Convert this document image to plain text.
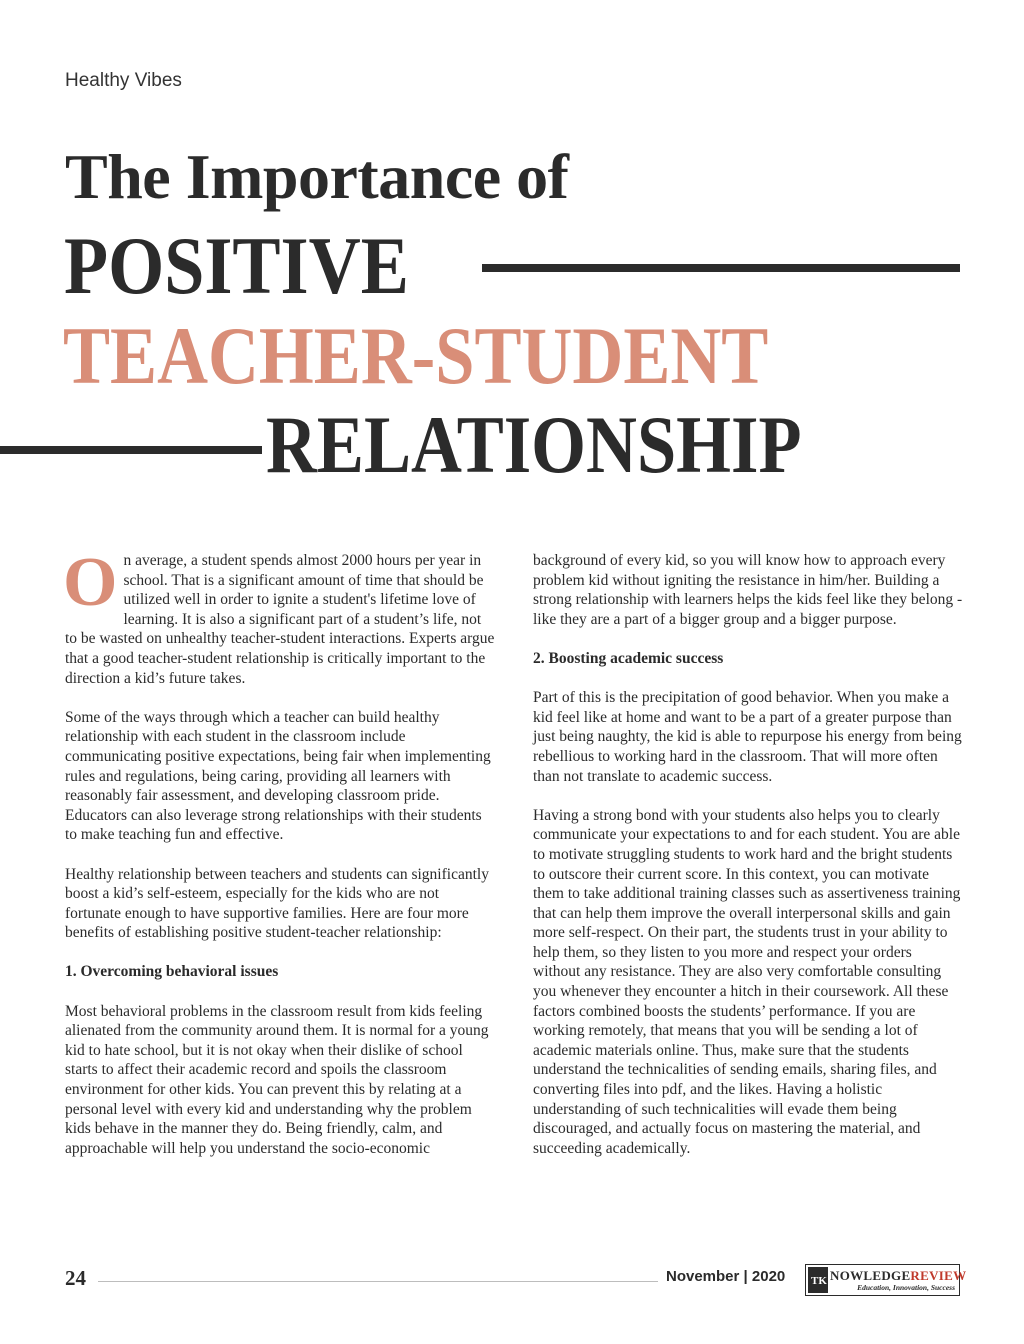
Healthy Vibes
The Importance of
POSITIVE
TEACHER-STUDENT
RELATIONSHIP

On average, a student spends almost 2000 hours per year in school. That is a significant amount of time that should be utilized well in order to ignite a student's lifetime love of learning. It is also a significant part of a student’s life, not to be wasted on unhealthy teacher-student interactions. Experts argue that a good teacher-student relationship is critically important to the direction a kid’s future takes.

Some of the ways through which a teacher can build healthy relationship with each student in the classroom include communicating positive expectations, being fair when implementing rules and regulations, being caring, providing all learners with reasonably fair assessment, and developing classroom pride. Educators can also leverage strong relationships with their students to make teaching fun and effective.

Healthy relationship between teachers and students can significantly boost a kid’s self-esteem, especially for the kids who are not fortunate enough to have supportive families. Here are four more benefits of establishing positive student-teacher relationship:

1. Overcoming behavioral issues

Most behavioral problems in the classroom result from kids feeling alienated from the community around them. It is normal for a young kid to hate school, but it is not okay when their dislike of school starts to affect their academic record and spoils the classroom environment for other kids. You can prevent this by relating at a personal level with every kid and understanding why the problem kids behave in the manner they do. Being friendly, calm, and approachable will help you understand the socio-economic

background of every kid, so you will know how to approach every problem kid without igniting the resistance in him/her. Building a strong relationship with learners helps the kids feel like they belong - like they are a part of a bigger group and a bigger purpose.

2. Boosting academic success

Part of this is the precipitation of good behavior. When you make a kid feel like at home and want to be a part of a greater purpose than just being naughty, the kid is able to repurpose his energy from being rebellious to working hard in the classroom. That will more often than not translate to academic success.

Having a strong bond with your students also helps you to clearly communicate your expectations to and for each student. You are able to motivate struggling students to work hard and the bright students to outscore their current score. In this context, you can motivate them to take additional training classes such as assertiveness training that can help them improve the overall interpersonal skills and gain more self-respect. On their part, the students trust in your ability to help them, so they listen to you more and respect your orders without any resistance. They are also very comfortable consulting you whenever they encounter a hitch in their coursework. All these factors combined boosts the students’ performance. If you are working remotely, that means that you will be sending a lot of academic materials online. Thus, make sure that the students understand the technicalities of sending emails, sharing files, and converting files into pdf, and the likes. Having a holistic understanding of such technicalities will evade them being discouraged, and actually focus on mastering the material, and succeeding academically.

24	November | 2020 TK NOWLEDGEREVIEW
Education, Innovation, Success
